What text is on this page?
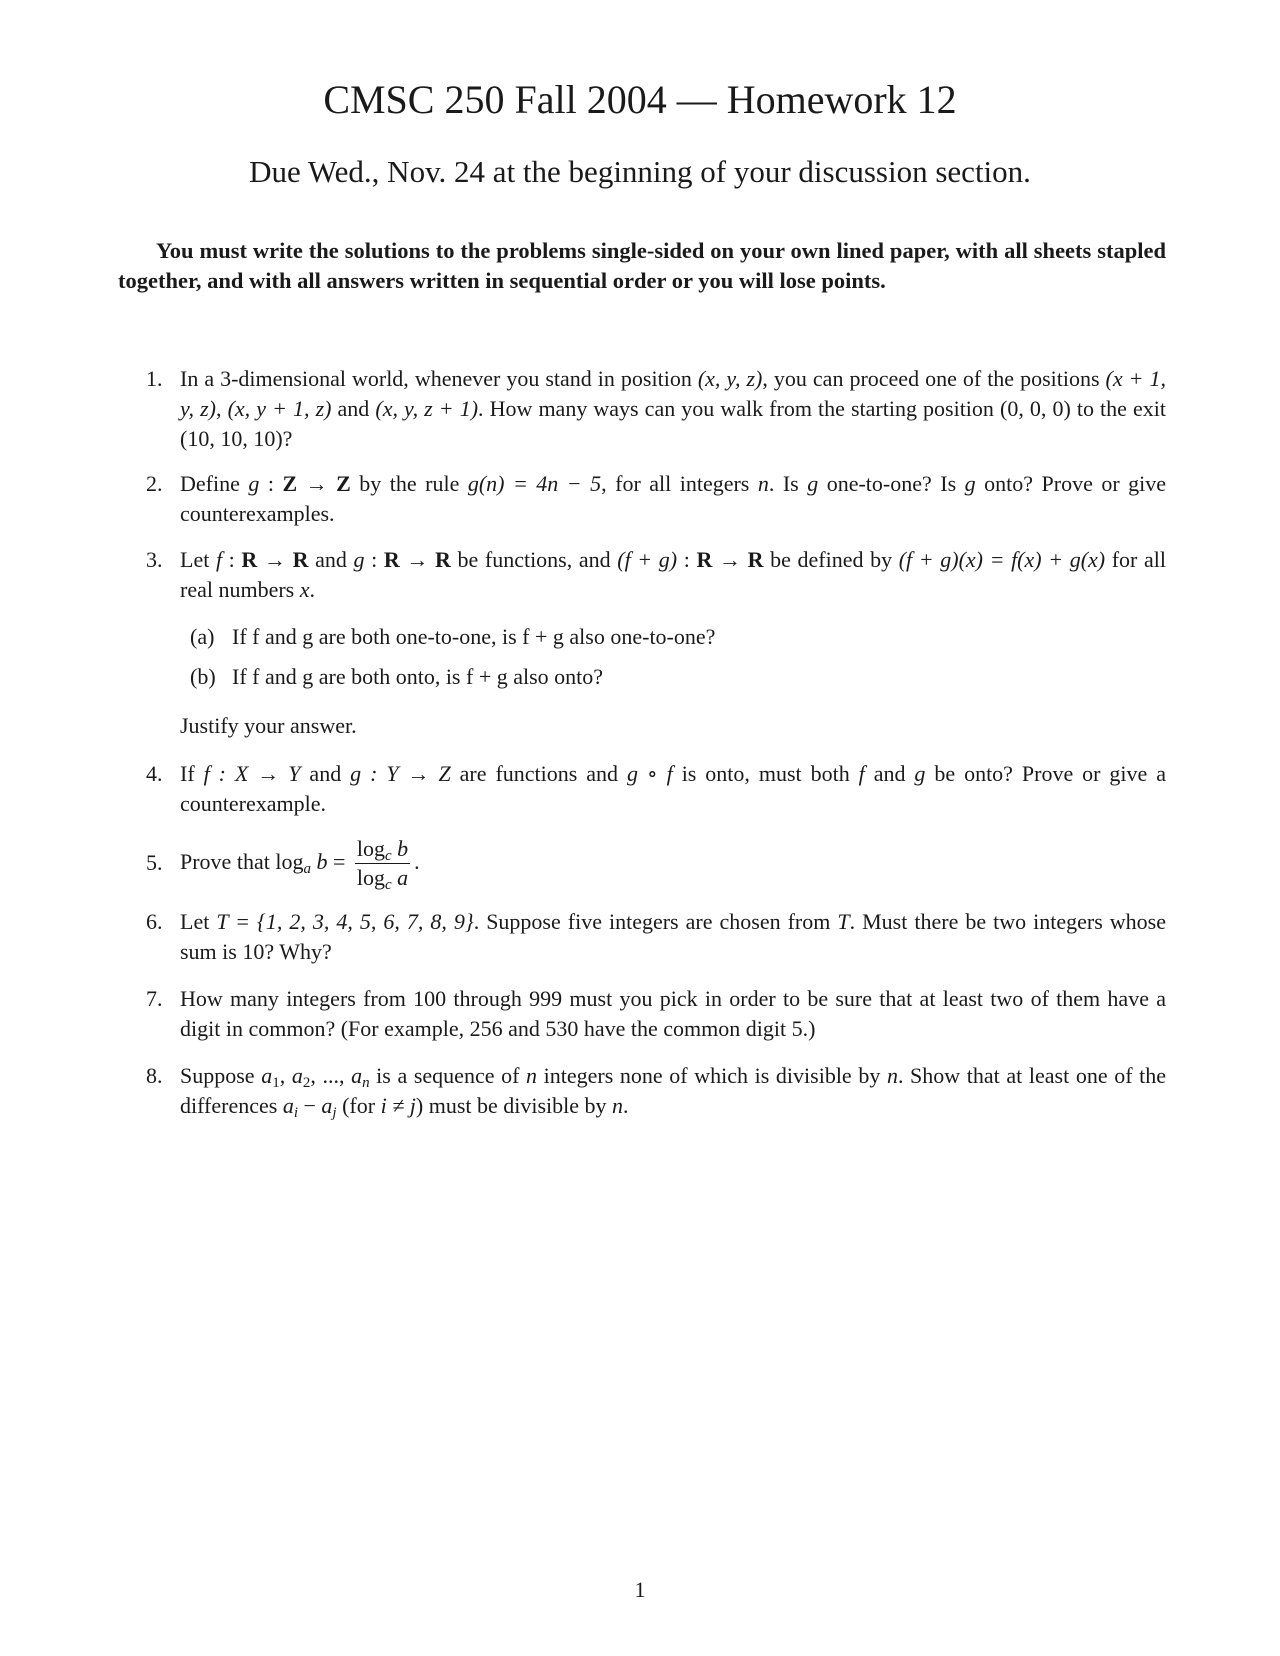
CMSC 250 Fall 2004 — Homework 12
Due Wed., Nov. 24 at the beginning of your discussion section.
You must write the solutions to the problems single-sided on your own lined paper, with all sheets stapled together, and with all answers written in sequential order or you will lose points.
1. In a 3-dimensional world, whenever you stand in position (x, y, z), you can proceed one of the positions (x + 1, y, z), (x, y + 1, z) and (x, y, z + 1). How many ways can you walk from the starting position (0, 0, 0) to the exit (10, 10, 10)?
2. Define g : Z → Z by the rule g(n) = 4n − 5, for all integers n. Is g one-to-one? Is g onto? Prove or give counterexamples.
3. Let f : R → R and g : R → R be functions, and (f + g) : R → R be defined by (f + g)(x) = f(x) + g(x) for all real numbers x.
(a) If f and g are both one-to-one, is f + g also one-to-one?
(b) If f and g are both onto, is f + g also onto?
Justify your answer.
4. If f : X → Y and g : Y → Z are functions and g ∘ f is onto, must both f and g be onto? Prove or give a counterexample.
5. Prove that $\log_a b = \frac{\log_c b}{\log_c a}$ .
6. Let T = {1, 2, 3, 4, 5, 6, 7, 8, 9}. Suppose five integers are chosen from T. Must there be two integers whose sum is 10? Why?
7. How many integers from 100 through 999 must you pick in order to be sure that at least two of them have a digit in common? (For example, 256 and 530 have the common digit 5.)
8. Suppose $a_1$, $a_2$, ..., $a_n$ is a sequence of n integers none of which is divisible by n. Show that at least one of the differences $a_i - a_j$ (for i ≠ j) must be divisible by n.
1
